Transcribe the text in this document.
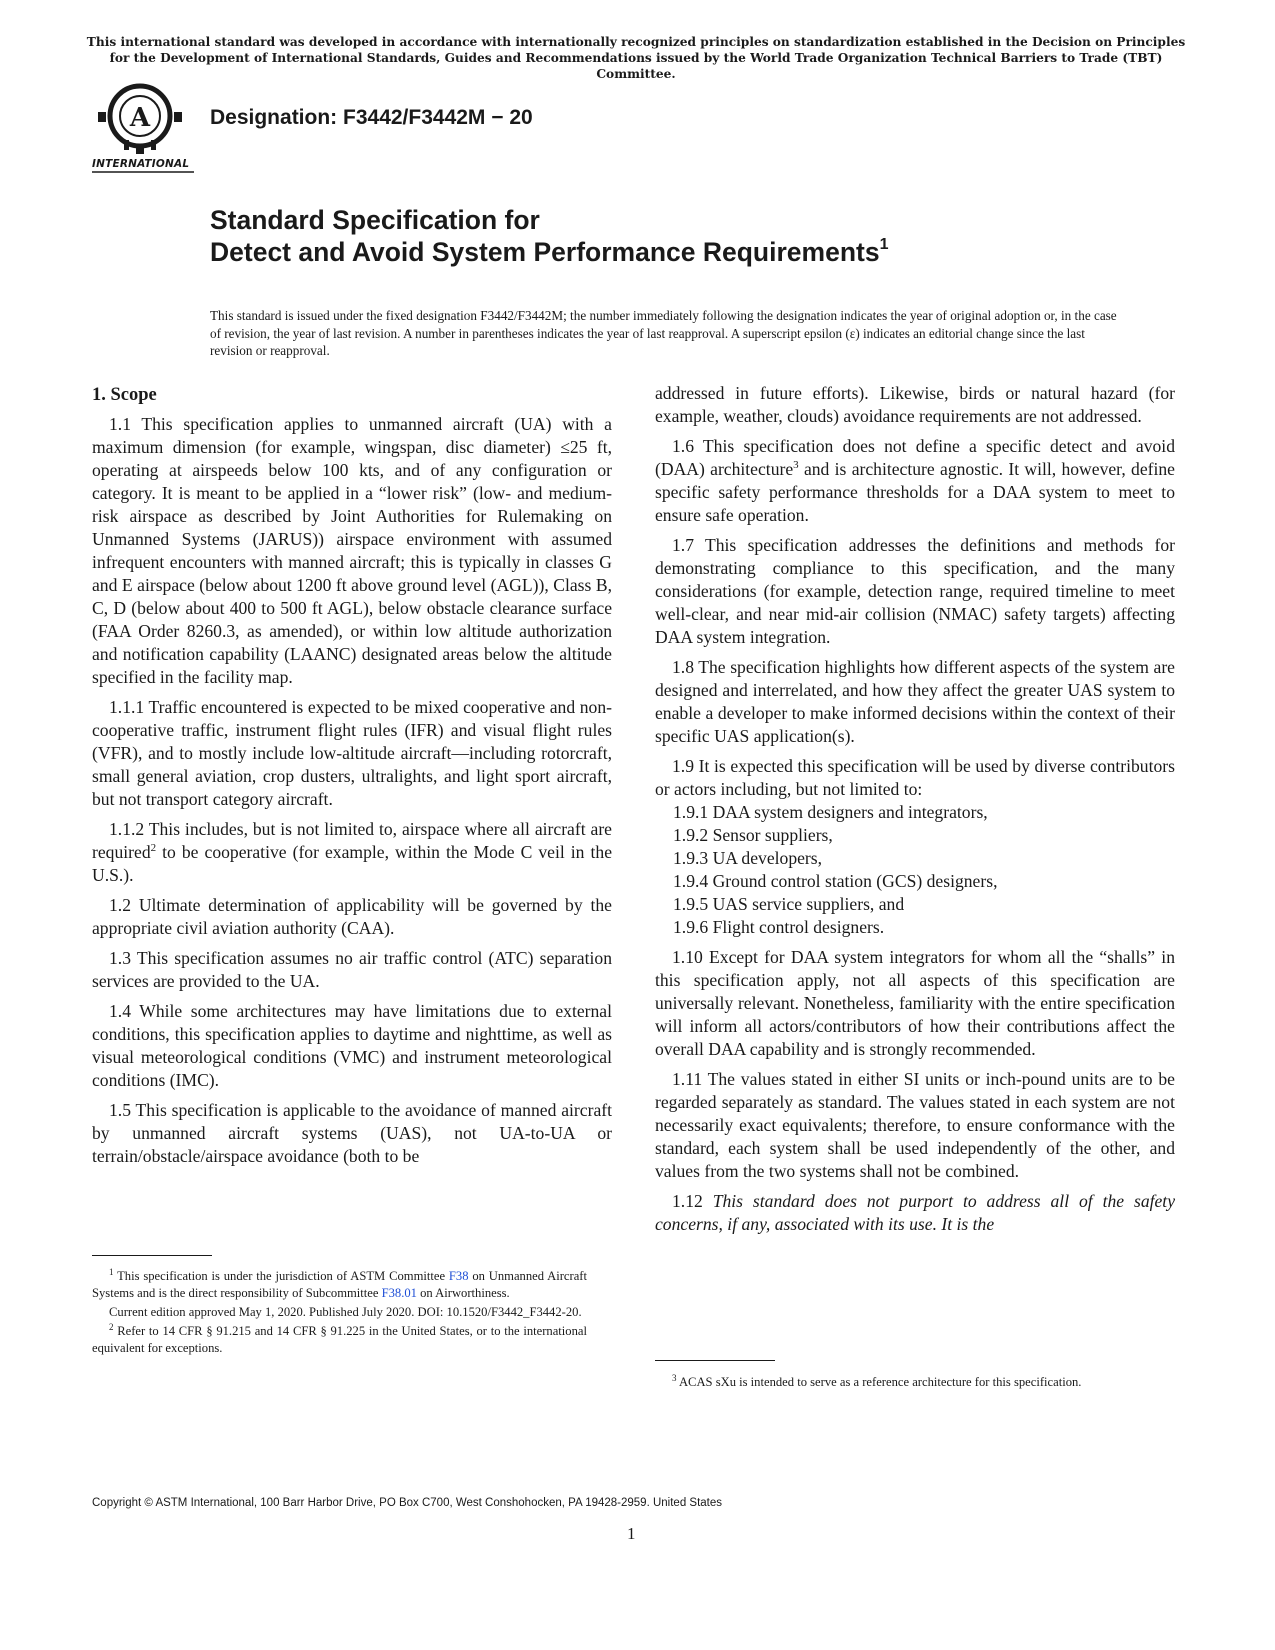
This international standard was developed in accordance with internationally recognized principles on standardization established in the Decision on Principles for the Development of International Standards, Guides and Recommendations issued by the World Trade Organization Technical Barriers to Trade (TBT) Committee.
A
INTERNATIONAL
Designation: F3442/F3442M − 20
Standard Specification for
Detect and Avoid System Performance Requirements$^1$
This standard is issued under the fixed designation F3442/F3442M; the number immediately following the designation indicates the year of original adoption or, in the case of revision, the year of last revision. A number in parentheses indicates the year of last reapproval. A superscript epsilon (ε) indicates an editorial change since the last revision or reapproval.
1. Scope

1.1 This specification applies to unmanned aircraft (UA) with a maximum dimension (for example, wingspan, disc diameter) ≤25 ft, operating at airspeeds below 100 kts, and of any configuration or category. It is meant to be applied in a “lower risk” (low- and medium-risk airspace as described by Joint Authorities for Rulemaking on Unmanned Systems (JARUS)) airspace environment with assumed infrequent encounters with manned aircraft; this is typically in classes G and E airspace (below about 1200 ft above ground level (AGL)), Class B, C, D (below about 400 to 500 ft AGL), below obstacle clearance surface (FAA Order 8260.3, as amended), or within low altitude authorization and notification capability (LAANC) designated areas below the altitude specified in the facility map.

1.1.1 Traffic encountered is expected to be mixed cooperative and non-cooperative traffic, instrument flight rules (IFR) and visual flight rules (VFR), and to mostly include low-altitude aircraft—including rotorcraft, small general aviation, crop dusters, ultralights, and light sport aircraft, but not transport category aircraft.

1.1.2 This includes, but is not limited to, airspace where all aircraft are required$^2$ to be cooperative (for example, within the Mode C veil in the U.S.).

1.2 Ultimate determination of applicability will be governed by the appropriate civil aviation authority (CAA).

1.3 This specification assumes no air traffic control (ATC) separation services are provided to the UA.

1.4 While some architectures may have limitations due to external conditions, this specification applies to daytime and nighttime, as well as visual meteorological conditions (VMC) and instrument meteorological conditions (IMC).

1.5 This specification is applicable to the avoidance of manned aircraft by unmanned aircraft systems (UAS), not UA-to-UA or terrain/obstacle/airspace avoidance (both to be

$^1$ This specification is under the jurisdiction of ASTM Committee F38 on Unmanned Aircraft Systems and is the direct responsibility of Subcommittee F38.01 on Airworthiness.

Current edition approved May 1, 2020. Published July 2020. DOI: 10.1520/F3442_F3442-20.

$^2$ Refer to 14 CFR § 91.215 and 14 CFR § 91.225 in the United States, or to the international equivalent for exceptions.

addressed in future efforts). Likewise, birds or natural hazard (for example, weather, clouds) avoidance requirements are not addressed.

1.6 This specification does not define a specific detect and avoid (DAA) architecture$^3$ and is architecture agnostic. It will, however, define specific safety performance thresholds for a DAA system to meet to ensure safe operation.

1.7 This specification addresses the definitions and methods for demonstrating compliance to this specification, and the many considerations (for example, detection range, required timeline to meet well-clear, and near mid-air collision (NMAC) safety targets) affecting DAA system integration.

1.8 The specification highlights how different aspects of the system are designed and interrelated, and how they affect the greater UAS system to enable a developer to make informed decisions within the context of their specific UAS application(s).

1.9 It is expected this specification will be used by diverse contributors or actors including, but not limited to:

1.9.1 DAA system designers and integrators,

1.9.2 Sensor suppliers,

1.9.3 UA developers,

1.9.4 Ground control station (GCS) designers,

1.9.5 UAS service suppliers, and

1.9.6 Flight control designers.

1.10 Except for DAA system integrators for whom all the “shalls” in this specification apply, not all aspects of this specification are universally relevant. Nonetheless, familiarity with the entire specification will inform all actors/contributors of how their contributions affect the overall DAA capability and is strongly recommended.

1.11 The values stated in either SI units or inch-pound units are to be regarded separately as standard. The values stated in each system are not necessarily exact equivalents; therefore, to ensure conformance with the standard, each system shall be used independently of the other, and values from the two systems shall not be combined.

1.12 This standard does not purport to address all of the safety concerns, if any, associated with its use. It is the

$^3$ ACAS sXu is intended to serve as a reference architecture for this specification.

Copyright © ASTM International, 100 Barr Harbor Drive, PO Box C700, West Conshohocken, PA 19428-2959. United States
1
